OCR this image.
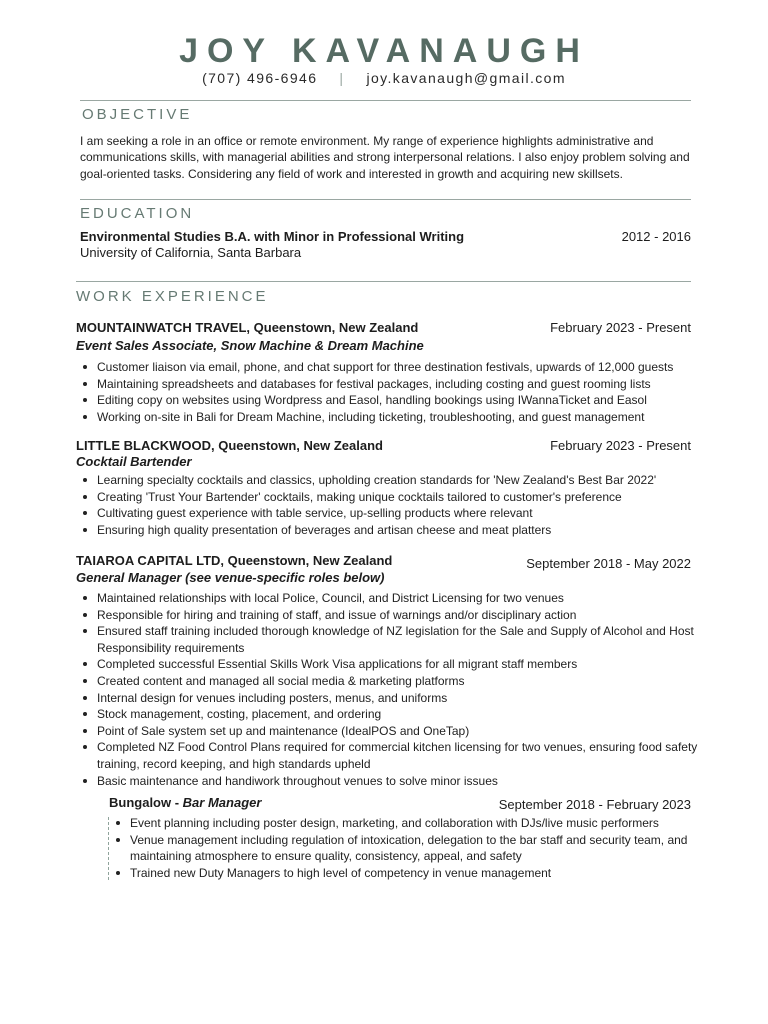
JOY KAVANAUGH
(707) 496-6946 | joy.kavanaugh@gmail.com
OBJECTIVE
I am seeking a role in an office or remote environment. My range of experience highlights administrative and communications skills, with managerial abilities and strong interpersonal relations. I also enjoy problem solving and goal-oriented tasks. Considering any field of work and interested in growth and acquiring new skillsets.
EDUCATION
Environmental Studies B.A. with Minor in Professional Writing	2012 - 2016
University of California, Santa Barbara
WORK EXPERIENCE
MOUNTAINWATCH TRAVEL, Queenstown, New Zealand	February 2023 - Present
Event Sales Associate, Snow Machine & Dream Machine
Customer liaison via email, phone, and chat support for three destination festivals, upwards of 12,000 guests
Maintaining spreadsheets and databases for festival packages, including costing and guest rooming lists
Editing copy on websites using Wordpress and Easol, handling bookings using IWannaTicket and Easol
Working on-site in Bali for Dream Machine, including ticketing, troubleshooting, and guest management
LITTLE BLACKWOOD, Queenstown, New Zealand	February 2023 - Present
Cocktail Bartender
Learning specialty cocktails and classics, upholding creation standards for 'New Zealand's Best Bar 2022'
Creating 'Trust Your Bartender' cocktails, making unique cocktails tailored to customer's preference
Cultivating guest experience with table service, up-selling products where relevant
Ensuring high quality presentation of beverages and artisan cheese and meat platters
TAIAROA CAPITAL LTD, Queenstown, New Zealand	September 2018 - May 2022
General Manager (see venue-specific roles below)
Maintained relationships with local Police, Council, and District Licensing for two venues
Responsible for hiring and training of staff, and issue of warnings and/or disciplinary action
Ensured staff training included thorough knowledge of NZ legislation for the Sale and Supply of Alcohol and Host Responsibility requirements
Completed successful Essential Skills Work Visa applications for all migrant staff members
Created content and managed all social media & marketing platforms
Internal design for venues including posters, menus, and uniforms
Stock management, costing, placement, and ordering
Point of Sale system set up and maintenance (IdealPOS and OneTap)
Completed NZ Food Control Plans required for commercial kitchen licensing for two venues, ensuring food safety training, record keeping, and high standards upheld
Basic maintenance and handiwork throughout venues to solve minor issues
Bungalow - Bar Manager	September 2018 - February 2023
Event planning including poster design, marketing, and collaboration with DJs/live music performers
Venue management including regulation of intoxication, delegation to the bar staff and security team, and maintaining atmosphere to ensure quality, consistency, appeal, and safety
Trained new Duty Managers to high level of competency in venue management
